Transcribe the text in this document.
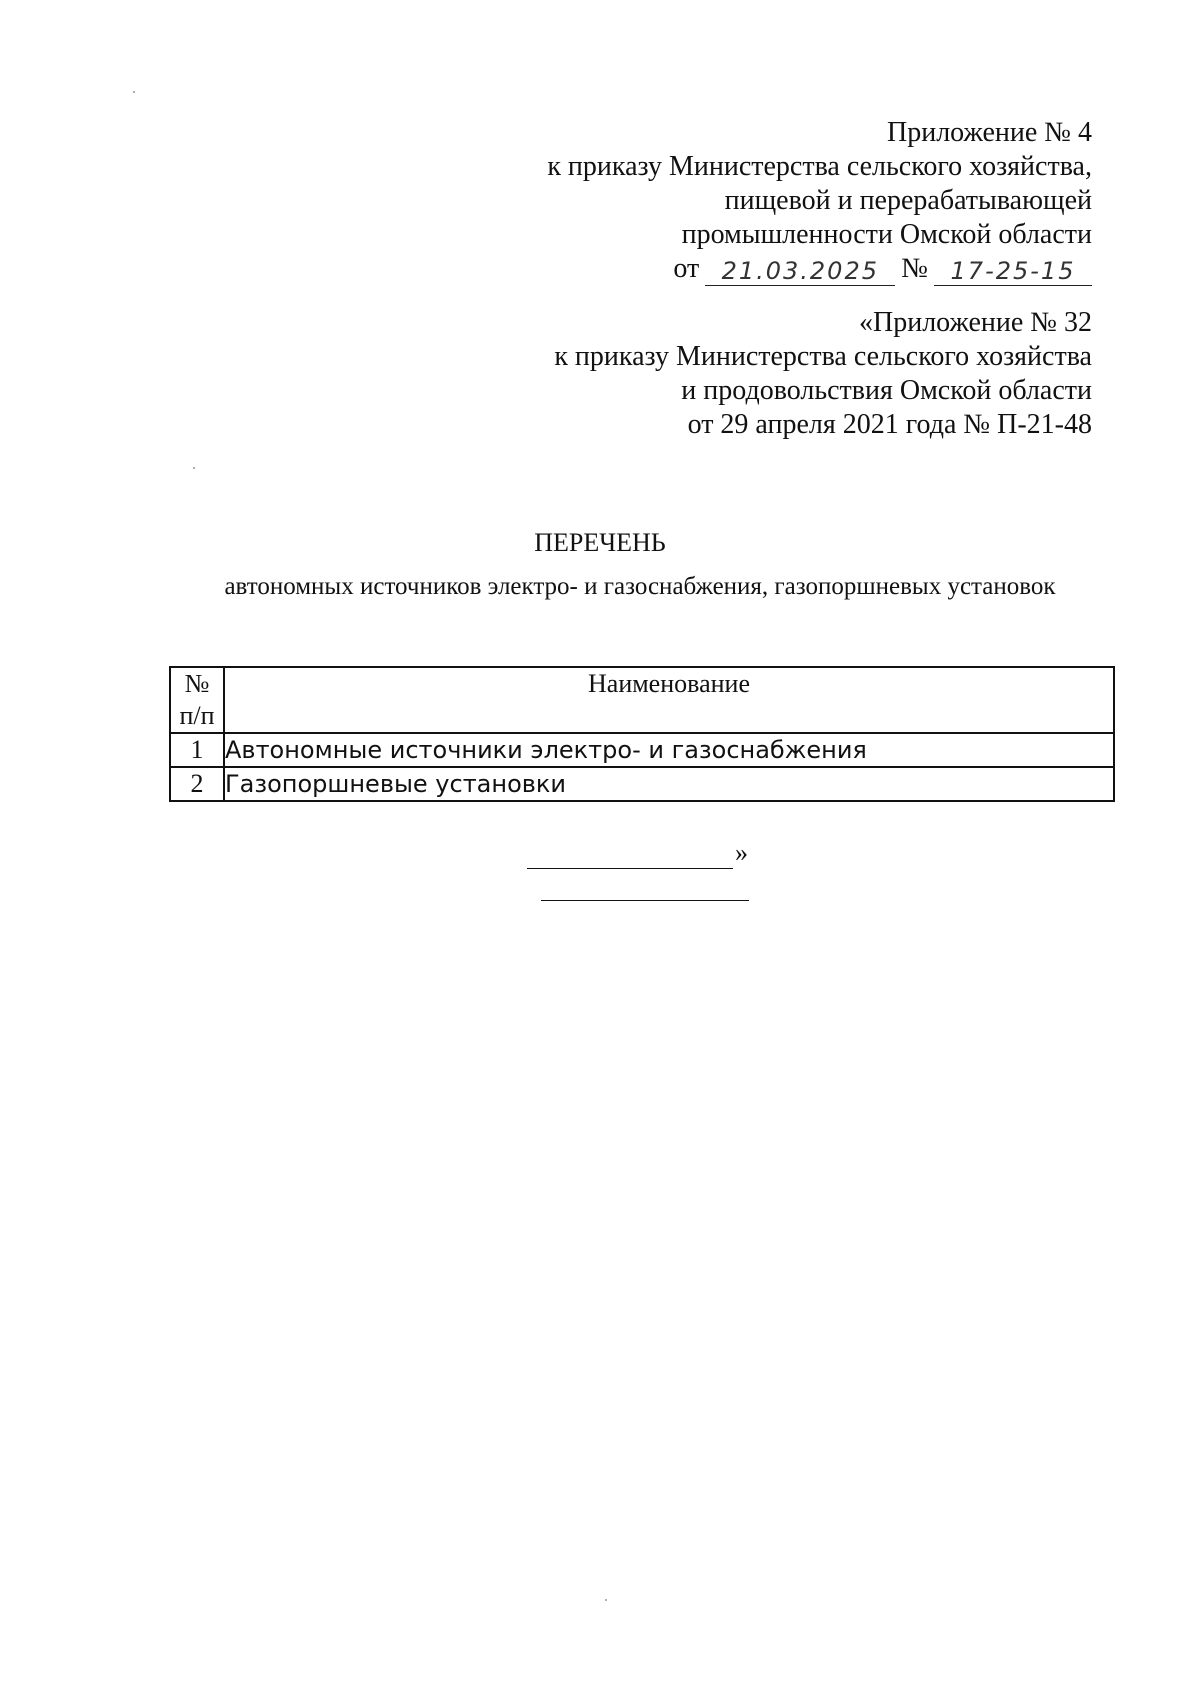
Приложение № 4
к приказу Министерства сельского хозяйства,
пищевой и перерабатывающей
промышленности Омской области
от 21.03.2025 № 17-25-15
«Приложение № 32
к приказу Министерства сельского хозяйства
и продовольствия Омской области
от 29 апреля 2021 года № П-21-48
ПЕРЕЧЕНЬ
автономных источников электро- и газоснабжения, газопоршневых установок
№
п/п	Наименование
1	Автономные источники электро- и газоснабжения
2	Газопоршневые установки
»
